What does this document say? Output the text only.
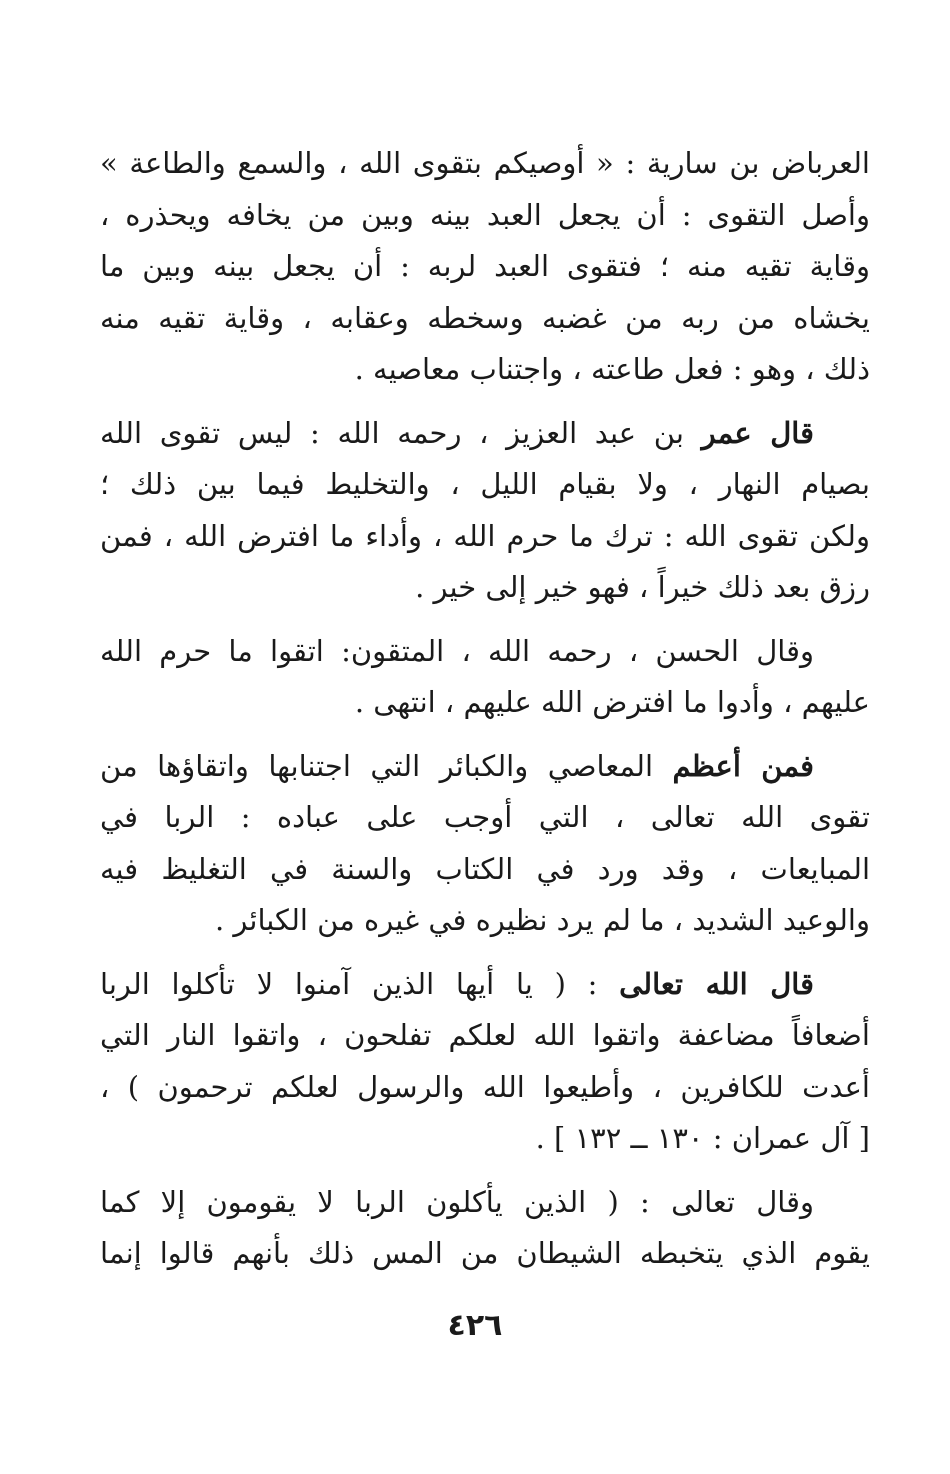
العرباض بن سارية : « أوصيكم بتقوى الله ، والسمع والطاعة »
وأصل التقوى : أن يجعل العبد بينه وبين من يخافه ويحذره ،
وقاية تقيه منه ؛ فتقوى العبد لربه : أن يجعل بينه وبين ما
يخشاه من ربه من غضبه وسخطه وعقابه ، وقاية تقيه منه
ذلك ، وهو : فعل طاعته ، واجتناب معاصيه .
قال عمر بن عبد العزيز ، رحمه الله : ليس تقوى الله
بصيام النهار ، ولا بقيام الليل ، والتخليط فيما بين ذلك ؛
ولكن تقوى الله : ترك ما حرم الله ، وأداء ما افترض الله ، فمن
رزق بعد ذلك خيراً ، فهو خير إلى خير .
وقال الحسن ، رحمه الله ، المتقون: اتقوا ما حرم الله
عليهم ، وأدوا ما افترض الله عليهم ، انتهى .
فمن أعظم المعاصي والكبائر التي اجتنابها واتقاؤها من
تقوى الله تعالى ، التي أوجب على عباده : الربا في
المبايعات ، وقد ورد في الكتاب والسنة في التغليظ فيه
والوعيد الشديد ، ما لم يرد نظيره في غيره من الكبائر .
قال الله تعالى : ( يا أيها الذين آمنوا لا تأكلوا الربا
أضعافاً مضاعفة واتقوا الله لعلكم تفلحون ، واتقوا النار التي
أعدت للكافرين ، وأطيعوا الله والرسول لعلكم ترحمون ) ،
[ آل عمران : ١٣٠ ــ ١٣٢ ] .
وقال تعالى : ( الذين يأكلون الربا لا يقومون إلا كما
يقوم الذي يتخبطه الشيطان من المس ذلك بأنهم قالوا إنما
٤٢٦
